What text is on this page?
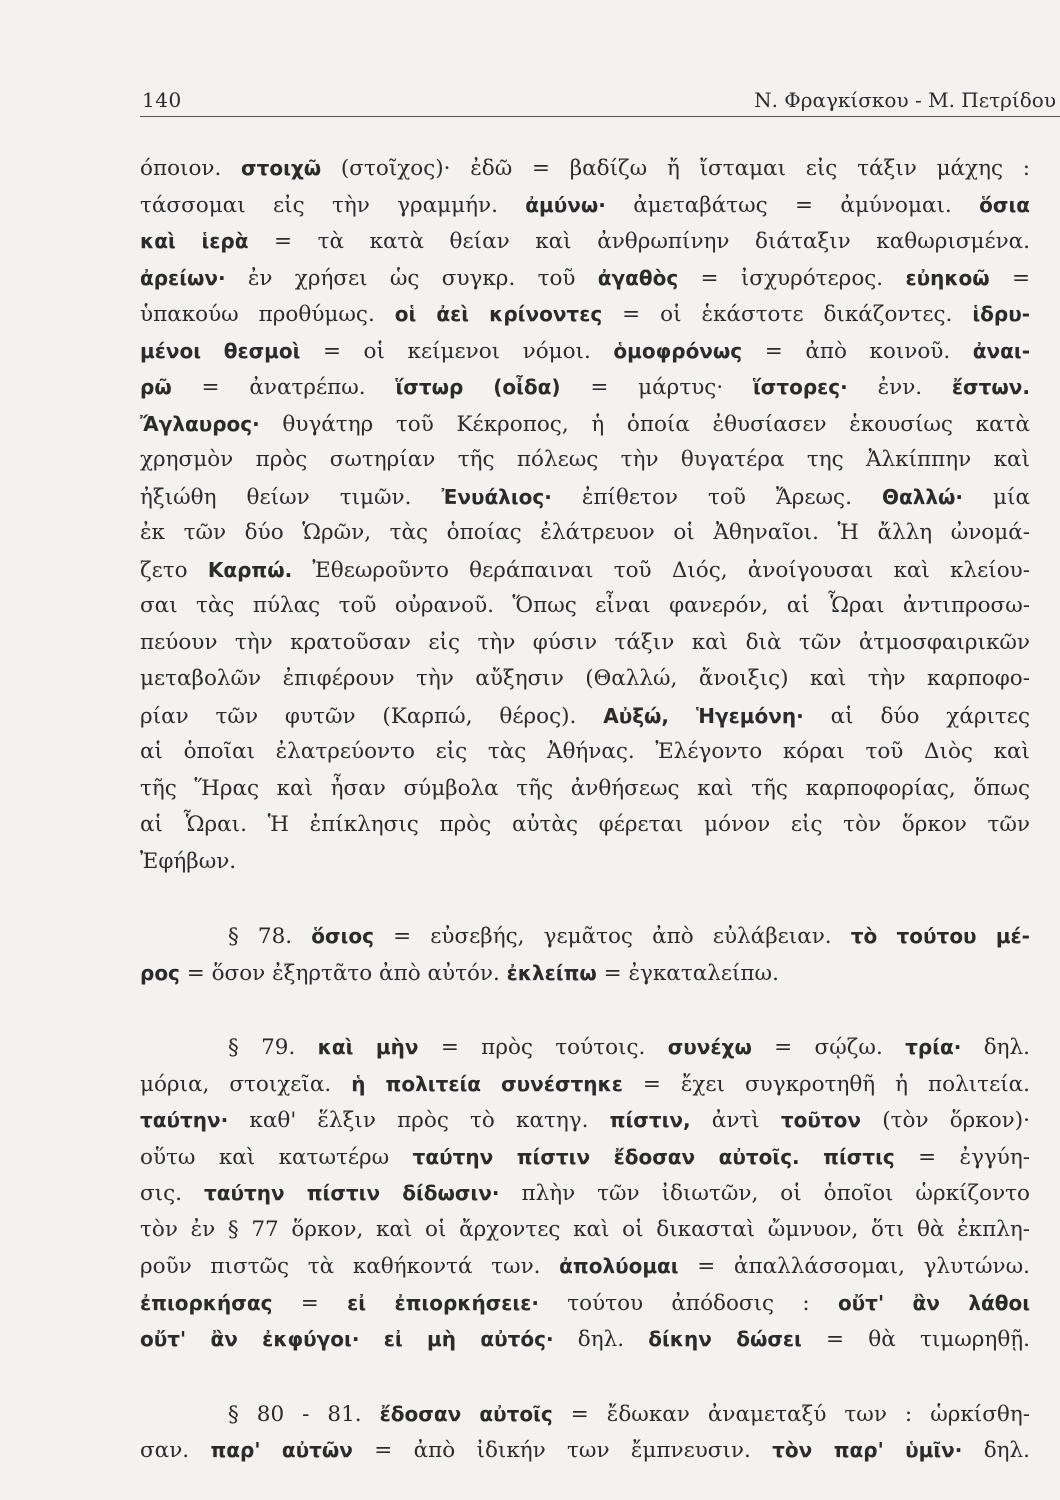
140	Ν. Φραγκίσκου - Μ. Πετρίδου
όποιον. στοιχῶ (στοῖχος)· ἐδῶ = βαδίζω ἤ ἴσταμαι εἰς τάξιν μάχης :
τάσσομαι εἰς τὴν γραμμήν. ἀμύνω· ἀμεταβάτως = ἀμύνομαι. ὅσια
καὶ ἱερὰ = τὰ κατὰ θείαν καὶ ἀνθρωπίνην διάταξιν καθωρισμένα.
ἀρείων· ἐν χρήσει ὡς συγκρ. τοῦ ἀγαθὸς = ἰσχυρότερος. εὐηκοῶ =
ὑπακούω προθύμως. οἱ ἀεὶ κρίνοντες = οἱ ἑκάστοτε δικάζοντες. ἱδρυ-
μένοι θεσμοὶ = οἱ κείμενοι νόμοι. ὁμοφρόνως = ἀπὸ κοινοῦ. ἀναι-
ρῶ = ἀνατρέπω. ἵστωρ (οἶδα) = μάρτυς· ἵστορες· ἐνν. ἔστων.
Ἄγλαυρος· θυγάτηρ τοῦ Κέκροπος, ἡ ὁποία ἐθυσίασεν ἑκουσίως κατὰ
χρησμὸν πρὸς σωτηρίαν τῆς πόλεως τὴν θυγατέρα της Ἀλκίππην καὶ
ἠξιώθη θείων τιμῶν. Ἐνυάλιος· ἐπίθετον τοῦ Ἄρεως. Θαλλώ· μία
ἐκ τῶν δύο Ὡρῶν, τὰς ὁποίας ἐλάτρευον οἱ Ἀθηναῖοι. Ἡ ἄλλη ὠνομά-
ζετο Καρπώ. Ἐθεωροῦντο θεράπαιναι τοῦ Διός, ἀνοίγουσαι καὶ κλείου-
σαι τὰς πύλας τοῦ οὐρανοῦ. Ὅπως εἶναι φανερόν, αἱ Ὧραι ἀντιπροσω-
πεύουν τὴν κρατοῦσαν εἰς τὴν φύσιν τάξιν καὶ διὰ τῶν ἀτμοσφαιρικῶν
μεταβολῶν ἐπιφέρουν τὴν αὔξησιν (Θαλλώ, ἄνοιξις) καὶ τὴν καρποφο-
ρίαν τῶν φυτῶν (Καρπώ, θέρος). Αὐξώ, Ἡγεμόνη· αἱ δύο χάριτες
αἱ ὁποῖαι ἐλατρεύοντο εἰς τὰς Ἀθήνας. Ἐλέγοντο κόραι τοῦ Διὸς καὶ
τῆς Ἥρας καὶ ἦσαν σύμβολα τῆς ἀνθήσεως καὶ τῆς καρποφορίας, ὅπως
αἱ Ὧραι. Ἡ ἐπίκλησις πρὸς αὐτὰς φέρεται μόνον εἰς τὸν ὅρκον τῶν
Ἐφήβων.
§ 78. ὅσιος = εὐσεβής, γεμᾶτος ἀπὸ εὐλάβειαν. τὸ τούτου μέ-
ρος = ὅσον ἐξηρτᾶτο ἀπὸ αὐτόν. ἐκλείπω = ἐγκαταλείπω.
§ 79. καὶ μὴν = πρὸς τούτοις. συνέχω = σῴζω. τρία· δηλ.
μόρια, στοιχεῖα. ἡ πολιτεία συνέστηκε = ἔχει συγκροτηθῆ ἡ πολιτεία.
ταύτην· καθ' ἕλξιν πρὸς τὸ κατηγ. πίστιν, ἀντὶ τοῦτον (τὸν ὅρκον)·
οὕτω καὶ κατωτέρω ταύτην πίστιν ἔδοσαν αὐτοῖς. πίστις = ἐγγύη-
σις. ταύτην πίστιν δίδωσιν· πλὴν τῶν ἰδιωτῶν, οἱ ὁποῖοι ὡρκίζοντο
τὸν ἐν § 77 ὅρκον, καὶ οἱ ἄρχοντες καὶ οἱ δικασταὶ ὤμνυον, ὅτι θὰ ἐκπλη-
ροῦν πιστῶς τὰ καθήκοντά των. ἀπολύομαι = ἀπαλλάσσομαι, γλυτώνω.
ἐπιορκήσας = εἰ ἐπιορκήσειε· τούτου ἀπόδοσις : οὔτ' ἂν λάθοι
οὔτ' ἂν ἐκφύγοι· εἰ μὴ αὐτός· δηλ. δίκην δώσει = θὰ τιμωρηθῇ.
§ 80 - 81. ἔδοσαν αὐτοῖς = ἔδωκαν ἀναμεταξύ των : ὡρκίσθη-
σαν. παρ' αὐτῶν = ἀπὸ ἰδικήν των ἔμπνευσιν. τὸν παρ' ὑμῖν· δηλ.
